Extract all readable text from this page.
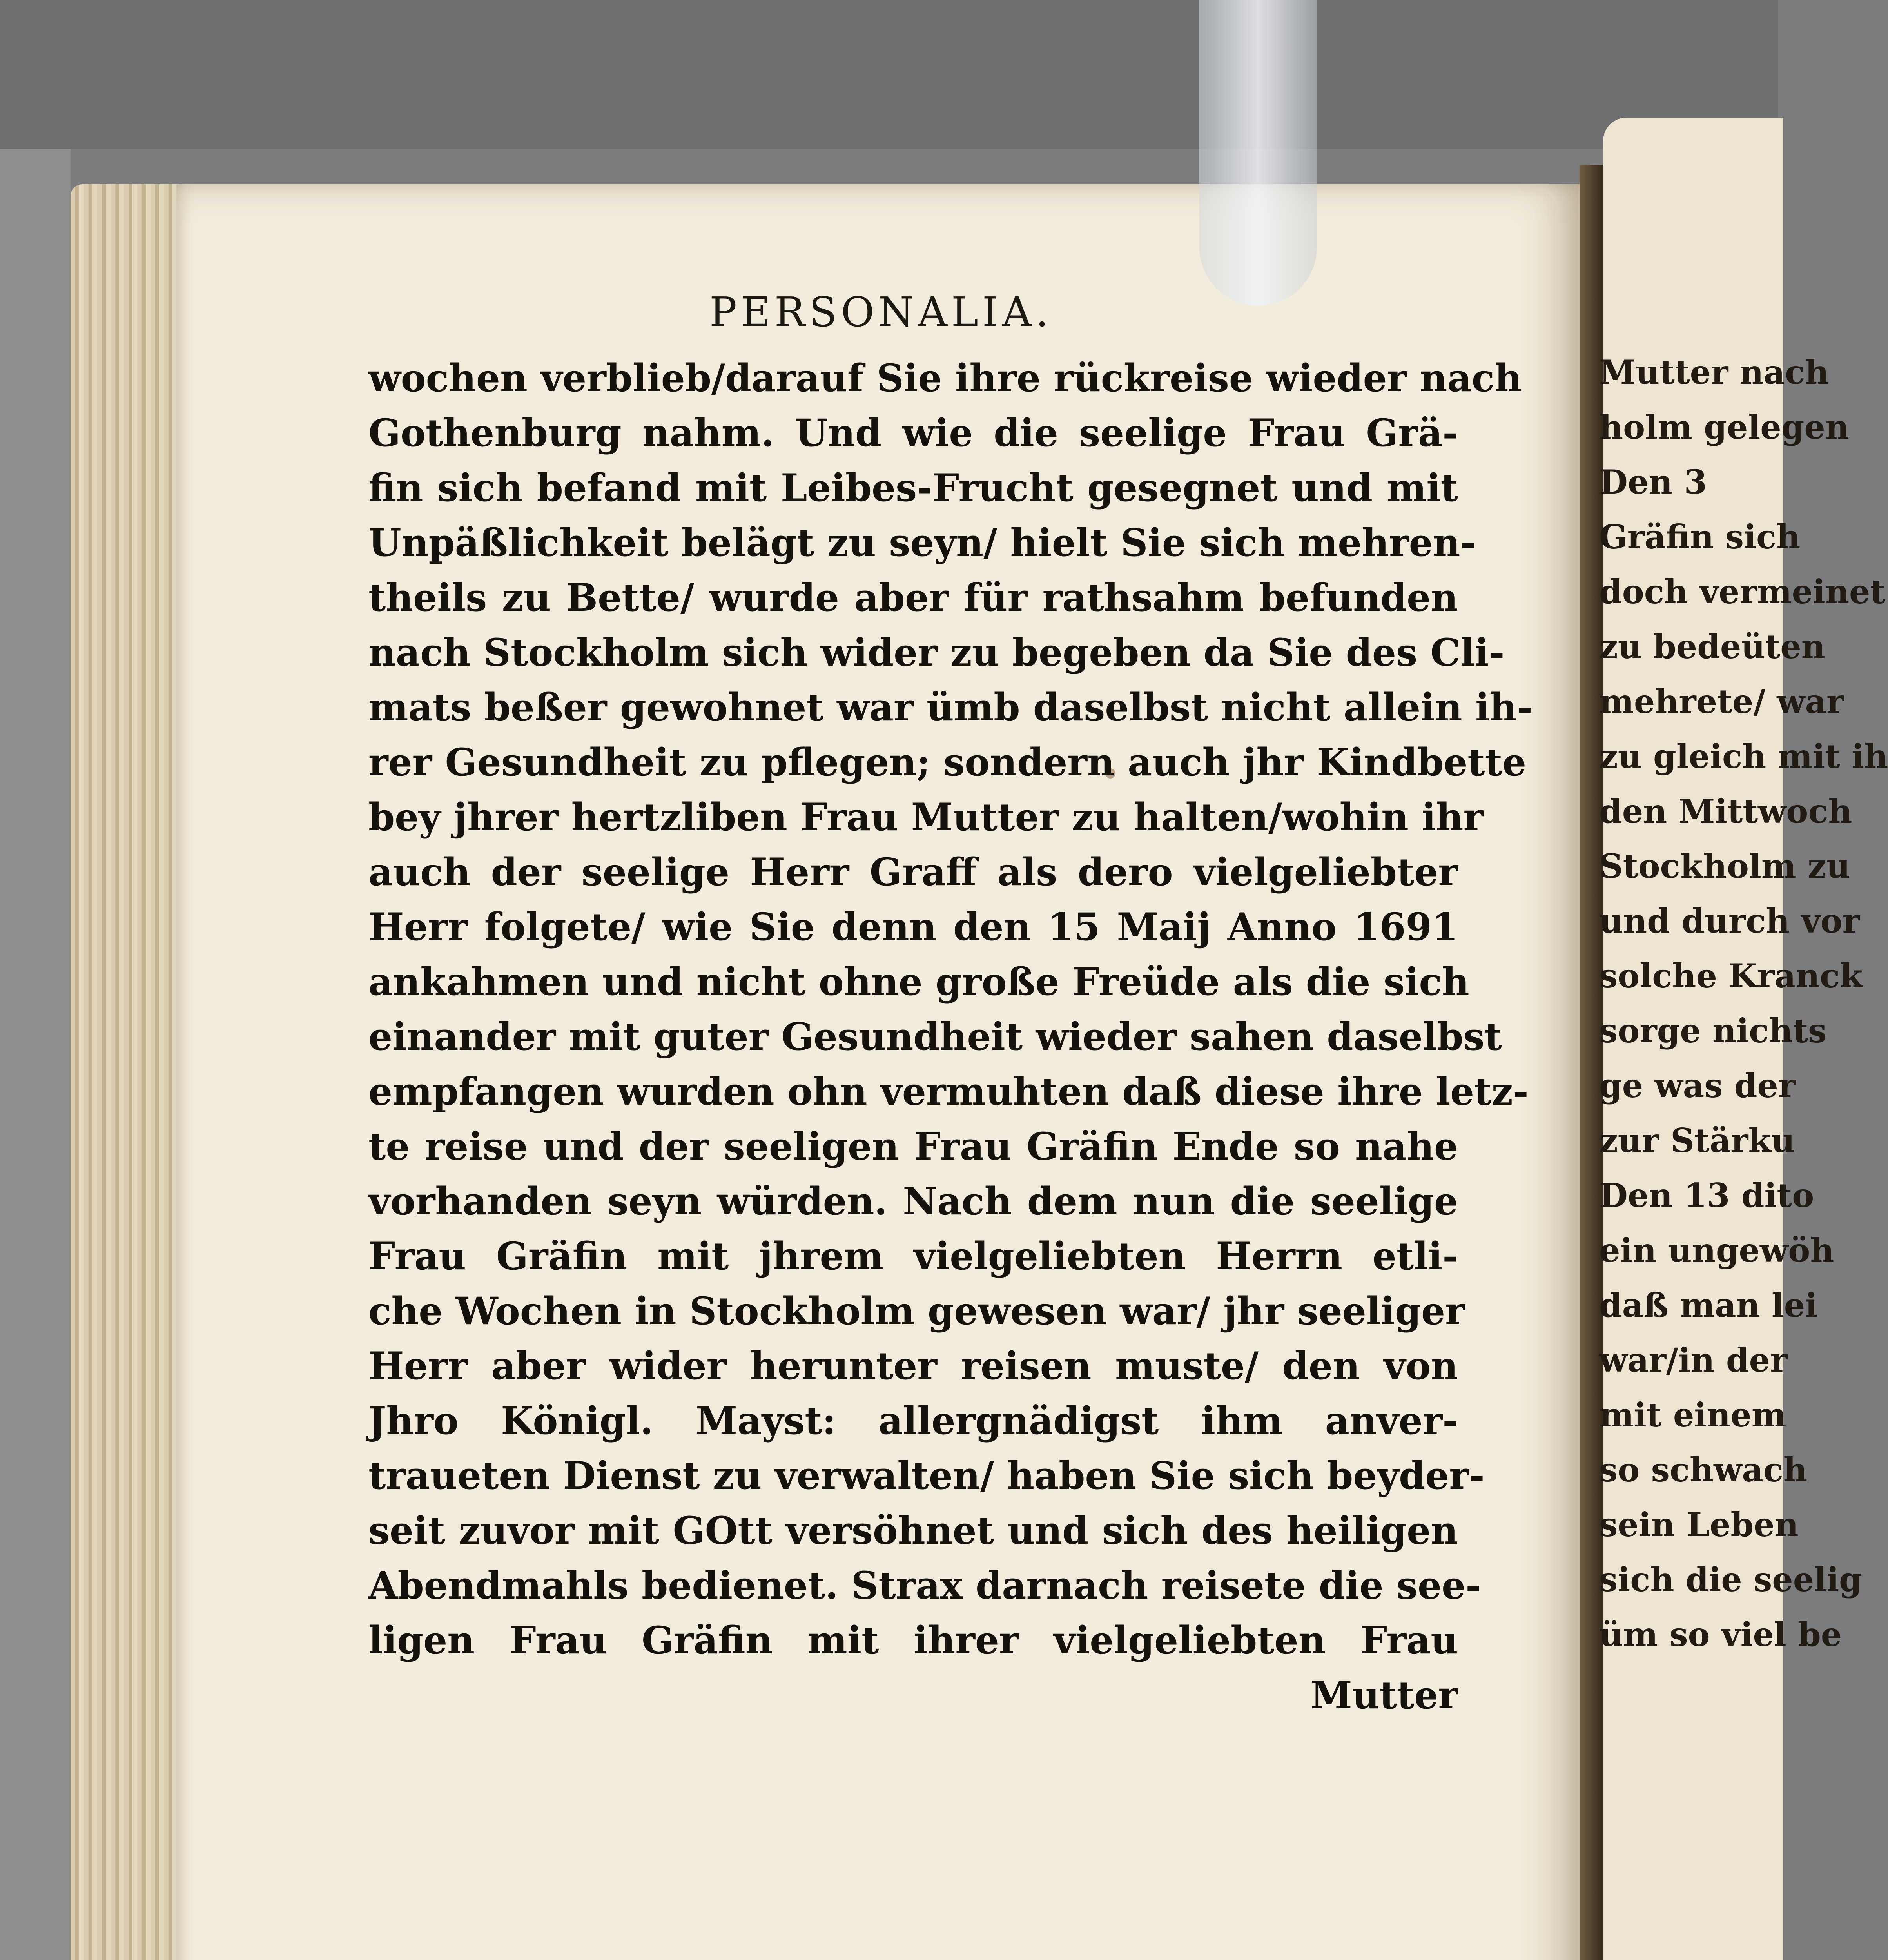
PERSONALIA.
wochen verblieb/darauf Sie ihre rückreise wieder nach
Gothenburg nahm. Und wie die seelige Frau Grä-
fin sich befand mit Leibes-Frucht gesegnet und mit
Unpäßlichkeit belägt zu seyn/ hielt Sie sich mehren-
theils zu Bette/ wurde aber für rathsahm befunden
nach Stockholm sich wider zu begeben da Sie des Cli-
mats beßer gewohnet war ümb daselbst nicht allein ih-
rer Gesundheit zu pflegen; sondern auch jhr Kindbette
bey jhrer hertzliben Frau Mutter zu halten/wohin ihr
auch der seelige Herr Graff als dero vielgeliebter
Herr folgete/ wie Sie denn den 15 Maij Anno 1691
ankahmen und nicht ohne große Freüde als die sich
einander mit guter Gesundheit wieder sahen daselbst
empfangen wurden ohn vermuhten daß diese ihre letz-
te reise und der seeligen Frau Gräfin Ende so nahe
vorhanden seyn würden. Nach dem nun die seelige
Frau Gräfin mit jhrem vielgeliebten Herrn etli-
che Wochen in Stockholm gewesen war/ jhr seeliger
Herr aber wider herunter reisen muste/ den von
Jhro Königl. Mayst: allergnädigst ihm anver-
traueten Dienst zu verwalten/ haben Sie sich beyder-
seit zuvor mit GOtt versöhnet und sich des heiligen
Abendmahls bedienet. Strax darnach reisete die see-
ligen Frau Gräfin mit ihrer vielgeliebten Frau
Mutter
Mutter nach
holm gelegen
Den 3
Gräfin sich
doch vermeinet
zu bedeüten
mehrete/ war
zu gleich mit ih
den Mittwoch
Stockholm zu
und durch vor
solche Kranck
sorge nichts
ge was der
zur Stärku
Den 13 dito
ein ungewöh
daß man lei
war/in der
mit einem
so schwach
sein Leben
sich die seelig
üm so viel be
